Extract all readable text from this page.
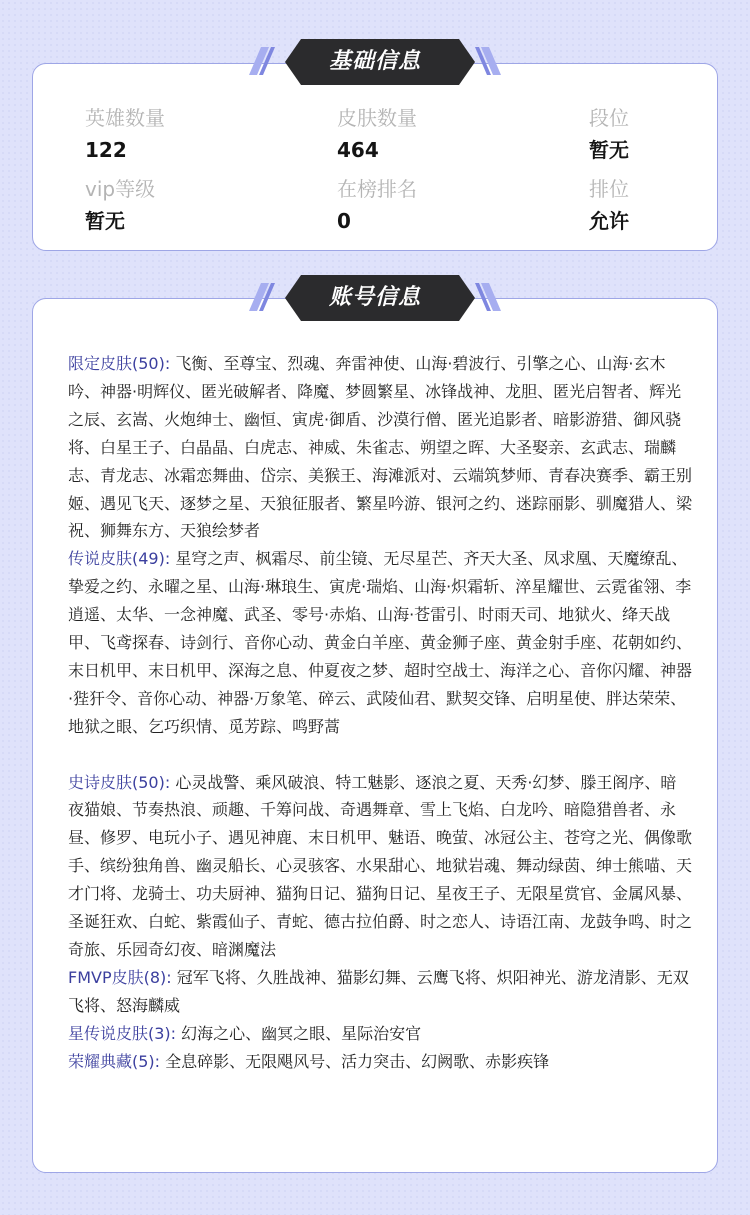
基础信息
英雄数量
122
皮肤数量
464
段位
暂无
vip等级
暂无
在榜排名
0
排位
允许
账号信息
限定皮肤(50): 飞衡、至尊宝、烈魂、奔雷神使、山海·碧波行、引擎之心、山海·玄木吟、神器·明辉仪、匿光破解者、降魔、梦圆繁星、冰锋战神、龙胆、匿光启智者、辉光之辰、玄嵩、火炮绅士、幽恒、寅虎·御盾、沙漠行僧、匿光追影者、暗影游猎、御风骁将、白星王子、白晶晶、白虎志、神威、朱雀志、朔望之晖、大圣娶亲、玄武志、瑞麟志、青龙志、冰霜恋舞曲、岱宗、美猴王、海滩派对、云端筑梦师、青春决赛季、霸王别姬、遇见飞天、逐梦之星、天狼征服者、繁星吟游、银河之约、迷踪丽影、驯魔猎人、梁祝、狮舞东方、天狼绘梦者
传说皮肤(49): 星穹之声、枫霜尽、前尘镜、无尽星芒、齐天大圣、凤求凰、天魔缭乱、挚爱之约、永曜之星、山海·琳琅生、寅虎·瑞焰、山海·炽霜斩、淬星耀世、云霓雀翎、李逍遥、太华、一念神魔、武圣、零号·赤焰、山海·苍雷引、时雨天司、地狱火、绛天战甲、飞鸢探春、诗剑行、音你心动、黄金白羊座、黄金狮子座、黄金射手座、花朝如约、末日机甲、末日机甲、深海之息、仲夏夜之梦、超时空战士、海洋之心、音你闪耀、神器·狴犴令、音你心动、神器·万象笔、碎云、武陵仙君、默契交锋、启明星使、胖达荣荣、地狱之眼、乞巧织情、觅芳踪、鸣野蒿
史诗皮肤(50): 心灵战警、乘风破浪、特工魅影、逐浪之夏、天秀·幻梦、滕王阁序、暗夜猫娘、节奏热浪、顽趣、千筹问战、奇遇舞章、雪上飞焰、白龙吟、暗隐猎兽者、永昼、修罗、电玩小子、遇见神鹿、末日机甲、魅语、晚萤、冰冠公主、苍穹之光、偶像歌手、缤纷独角兽、幽灵船长、心灵骇客、水果甜心、地狱岩魂、舞动绿茵、绅士熊喵、天才门将、龙骑士、功夫厨神、猫狗日记、猫狗日记、星夜王子、无限星赏官、金属风暴、圣诞狂欢、白蛇、紫霞仙子、青蛇、德古拉伯爵、时之恋人、诗语江南、龙鼓争鸣、时之奇旅、乐园奇幻夜、暗渊魔法
FMVP皮肤(8): 冠军飞将、久胜战神、猫影幻舞、云鹰飞将、炽阳神光、游龙清影、无双飞将、怒海麟威
星传说皮肤(3): 幻海之心、幽冥之眼、星际治安官
荣耀典藏(5): 全息碎影、无限飓风号、活力突击、幻阙歌、赤影疾锋
